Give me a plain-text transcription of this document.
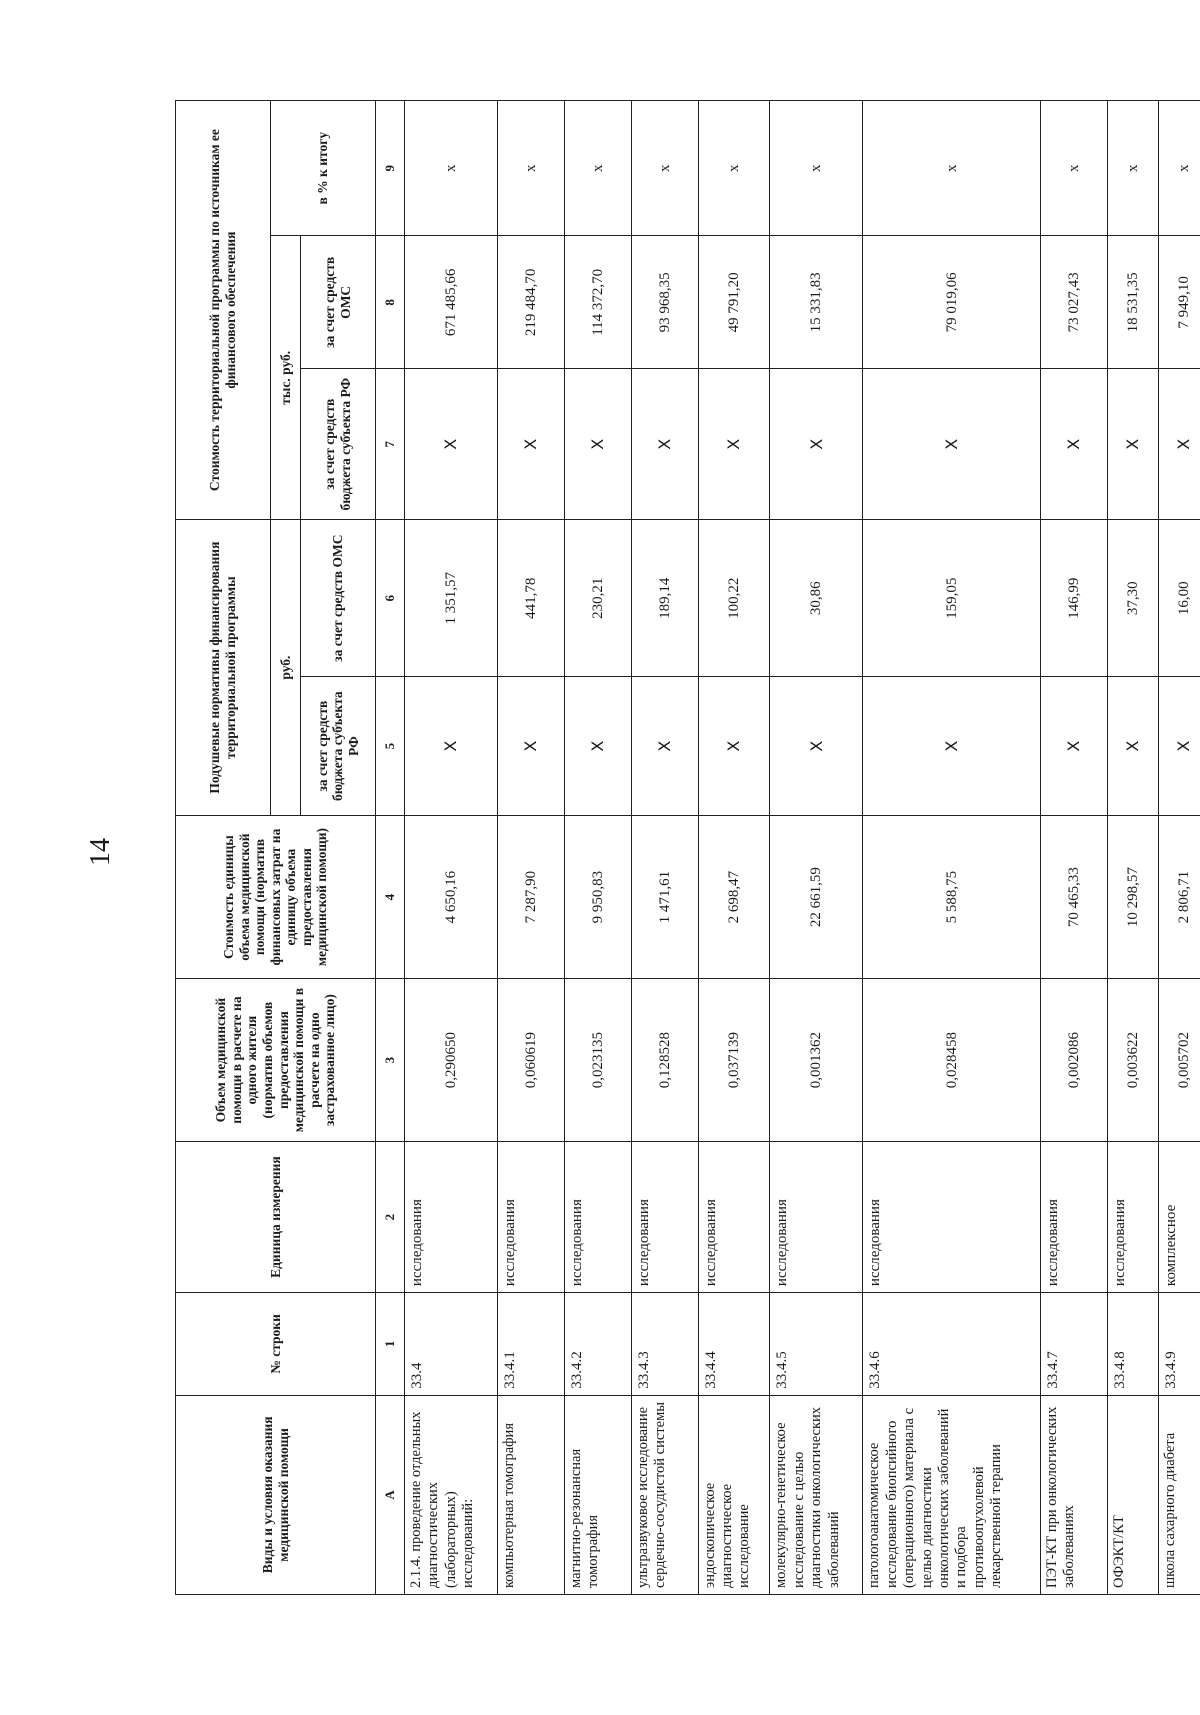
14
Виды и условия оказания медицинской помощи	№ строки	Единица измерения	Объем медицинской помощи в расчете на одного жителя (норматив объемов предоставления медицинской помощи в расчете на одно застрахованное лицо)	Стоимость единицы объема медицинской помощи (норматив финансовых затрат на единицу объема предоставления медицинской помощи)	Подушевые нормативы финансирования территориальной программы		Стоимость территориальной программы по источникам ее финансового обеспечения		
					руб.		тыс. руб.		в % к итогу
					за счет средств бюджета субъекта РФ	за счет средств ОМС	за счет средств бюджета субъекта РФ	за счет средств ОМС	
А	1	2	3	4	5	6	7	8	9
2.1.4. проведение отдельных диагностических (лабораторных) исследований:	33.4	исследования	0,290650	4 650,16	Х	1 351,57	Х	671 485,66	х
компьютерная томография	33.4.1	исследования	0,060619	7 287,90	Х	441,78	Х	219 484,70	х
магнитно-резонансная томография	33.4.2	исследования	0,023135	9 950,83	Х	230,21	Х	114 372,70	х
ультразвуковое исследование сердечно-сосудистой системы	33.4.3	исследования	0,128528	1 471,61	Х	189,14	Х	93 968,35	х
эндоскопическое диагностическое исследование	33.4.4	исследования	0,037139	2 698,47	Х	100,22	Х	49 791,20	х
молекулярно-генетическое исследование с целью диагностики онкологических заболеваний	33.4.5	исследования	0,001362	22 661,59	Х	30,86	Х	15 331,83	х
патологоанатомическое исследование биопсийного (операционного) материала с целью диагностики онкологических заболеваний и подбора противоопухолевой лекарственной терапии	33.4.6	исследования	0,028458	5 588,75	Х	159,05	Х	79 019,06	х
ПЭТ-КТ при онкологических заболеваниях	33.4.7	исследования	0,002086	70 465,33	Х	146,99	Х	73 027,43	х
ОФЭКТ/КТ	33.4.8	исследования	0,003622	10 298,57	Х	37,30	Х	18 531,35	х
школа сахарного диабета	33.4.9	комплексное	0,005702	2 806,71	Х	16,00	Х	7 949,10	х
